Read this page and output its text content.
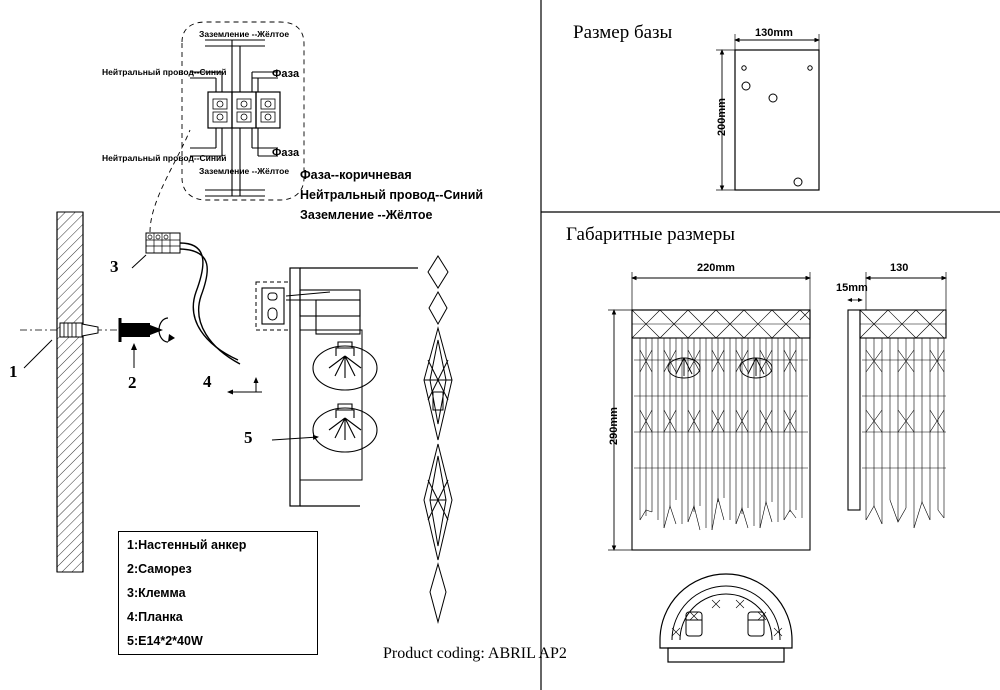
Нейтральный провод--Синий
Нейтральный провод--Синий
Заземление --Жёлтое
Заземление --Жёлтое
Фаза
Фаза
Фаза--коричневая
Нейтральный провод--Синий
Заземление --Жёлтое
1
2
3
4
5
1:Настенный анкер
2:Саморез
3:Клемма
4:Планка
5:E14*2*40W
Product coding: ABRIL AP2
Размер базы
Габаритные размеры
130mm
200mm
220mm	130
15mm
290mm
